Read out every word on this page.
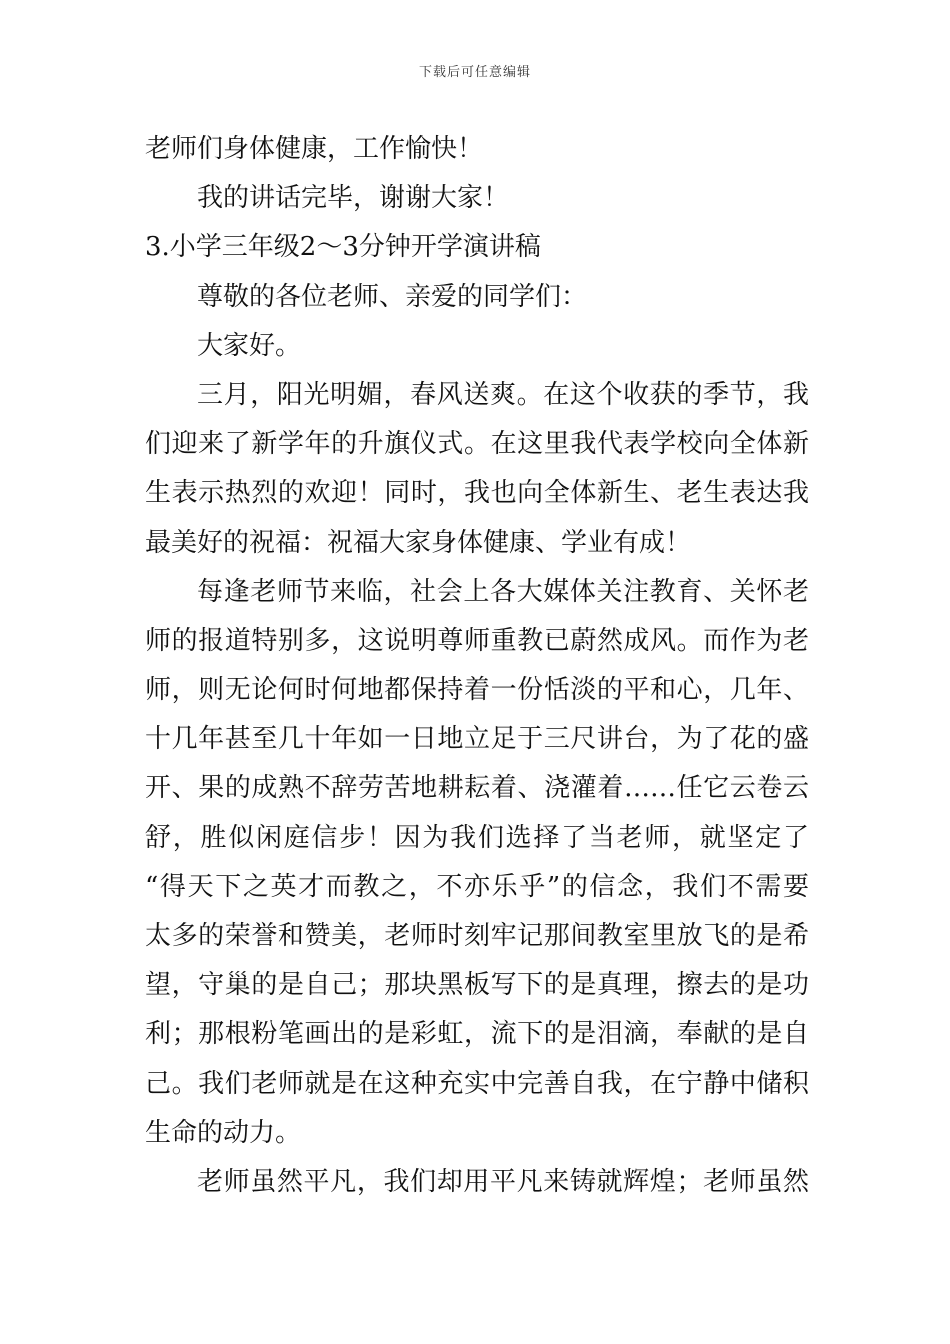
下载后可任意编辑
老师们身体健康，工作愉快！
我的讲话完毕，谢谢大家！
3.小学三年级2～3分钟开学演讲稿
尊敬的各位老师、亲爱的同学们：
大家好。
三月，阳光明媚，春风送爽。在这个收获的季节，我
们迎来了新学年的升旗仪式。在这里我代表学校向全体新
生表示热烈的欢迎！同时，我也向全体新生、老生表达我
最美好的祝福：祝福大家身体健康、学业有成！
每逢老师节来临，社会上各大媒体关注教育、关怀老
师的报道特别多，这说明尊师重教已蔚然成风。而作为老
师，则无论何时何地都保持着一份恬淡的平和心，几年、
十几年甚至几十年如一日地立足于三尺讲台，为了花的盛
开、果的成熟不辞劳苦地耕耘着、浇灌着……任它云卷云
舒，胜似闲庭信步！因为我们选择了当老师，就坚定了
“得天下之英才而教之，不亦乐乎”的信念，我们不需要
太多的荣誉和赞美，老师时刻牢记那间教室里放飞的是希
望，守巢的是自己；那块黑板写下的是真理，擦去的是功
利；那根粉笔画出的是彩虹，流下的是泪滴，奉献的是自
己。我们老师就是在这种充实中完善自我，在宁静中储积
生命的动力。
老师虽然平凡，我们却用平凡来铸就辉煌；老师虽然
